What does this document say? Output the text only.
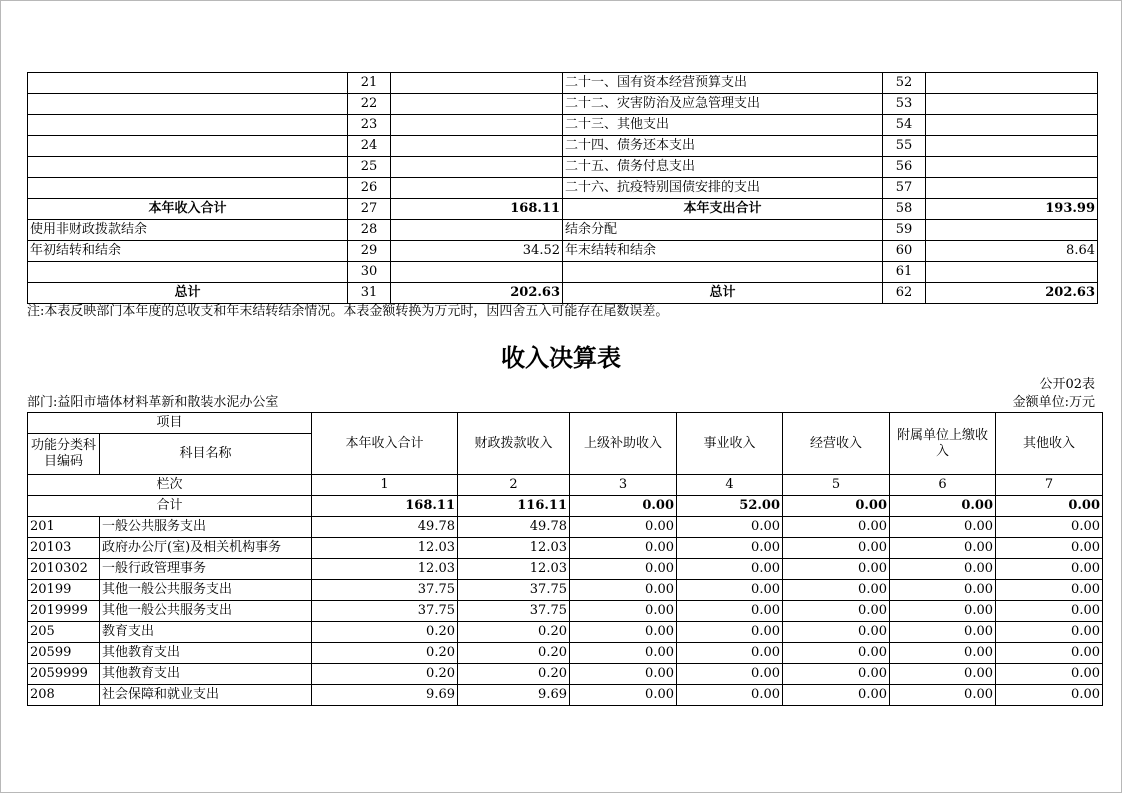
	21		二十一、国有资本经营预算支出	52	
	22		二十二、灾害防治及应急管理支出	53	
	23		二十三、其他支出	54	
	24		二十四、债务还本支出	55	
	25		二十五、债务付息支出	56	
	26		二十六、抗疫特别国债安排的支出	57	
本年收入合计	27	168.11	本年支出合计	58	193.99
使用非财政拨款结余	28		结余分配	59	
年初结转和结余	29	34.52	年末结转和结余	60	8.64
	30			61	
总计	31	202.63	总计	62	202.63
注:本表反映部门本年度的总收支和年末结转结余情况。本表金额转换为万元时，因四舍五入可能存在尾数误差。
收入决算表
公开02表
部门:益阳市墙体材料革新和散装水泥办公室	金额单位:万元
项目		本年收入合计	财政拨款收入	上级补助收入	事业收入	经营收入	附属单位上缴收入	其他收入
功能分类科目编码	科目名称							

栏次		1	2	3	4	5	6	7
合计		168.11	116.11	0.00	52.00	0.00	0.00	0.00
201	一般公共服务支出	49.78	49.78	0.00	0.00	0.00	0.00	0.00
20103	政府办公厅(室)及相关机构事务	12.03	12.03	0.00	0.00	0.00	0.00	0.00
2010302	一般行政管理事务	12.03	12.03	0.00	0.00	0.00	0.00	0.00
20199	其他一般公共服务支出	37.75	37.75	0.00	0.00	0.00	0.00	0.00
2019999	其他一般公共服务支出	37.75	37.75	0.00	0.00	0.00	0.00	0.00
205	教育支出	0.20	0.20	0.00	0.00	0.00	0.00	0.00
20599	其他教育支出	0.20	0.20	0.00	0.00	0.00	0.00	0.00
2059999	其他教育支出	0.20	0.20	0.00	0.00	0.00	0.00	0.00
208	社会保障和就业支出	9.69	9.69	0.00	0.00	0.00	0.00	0.00
